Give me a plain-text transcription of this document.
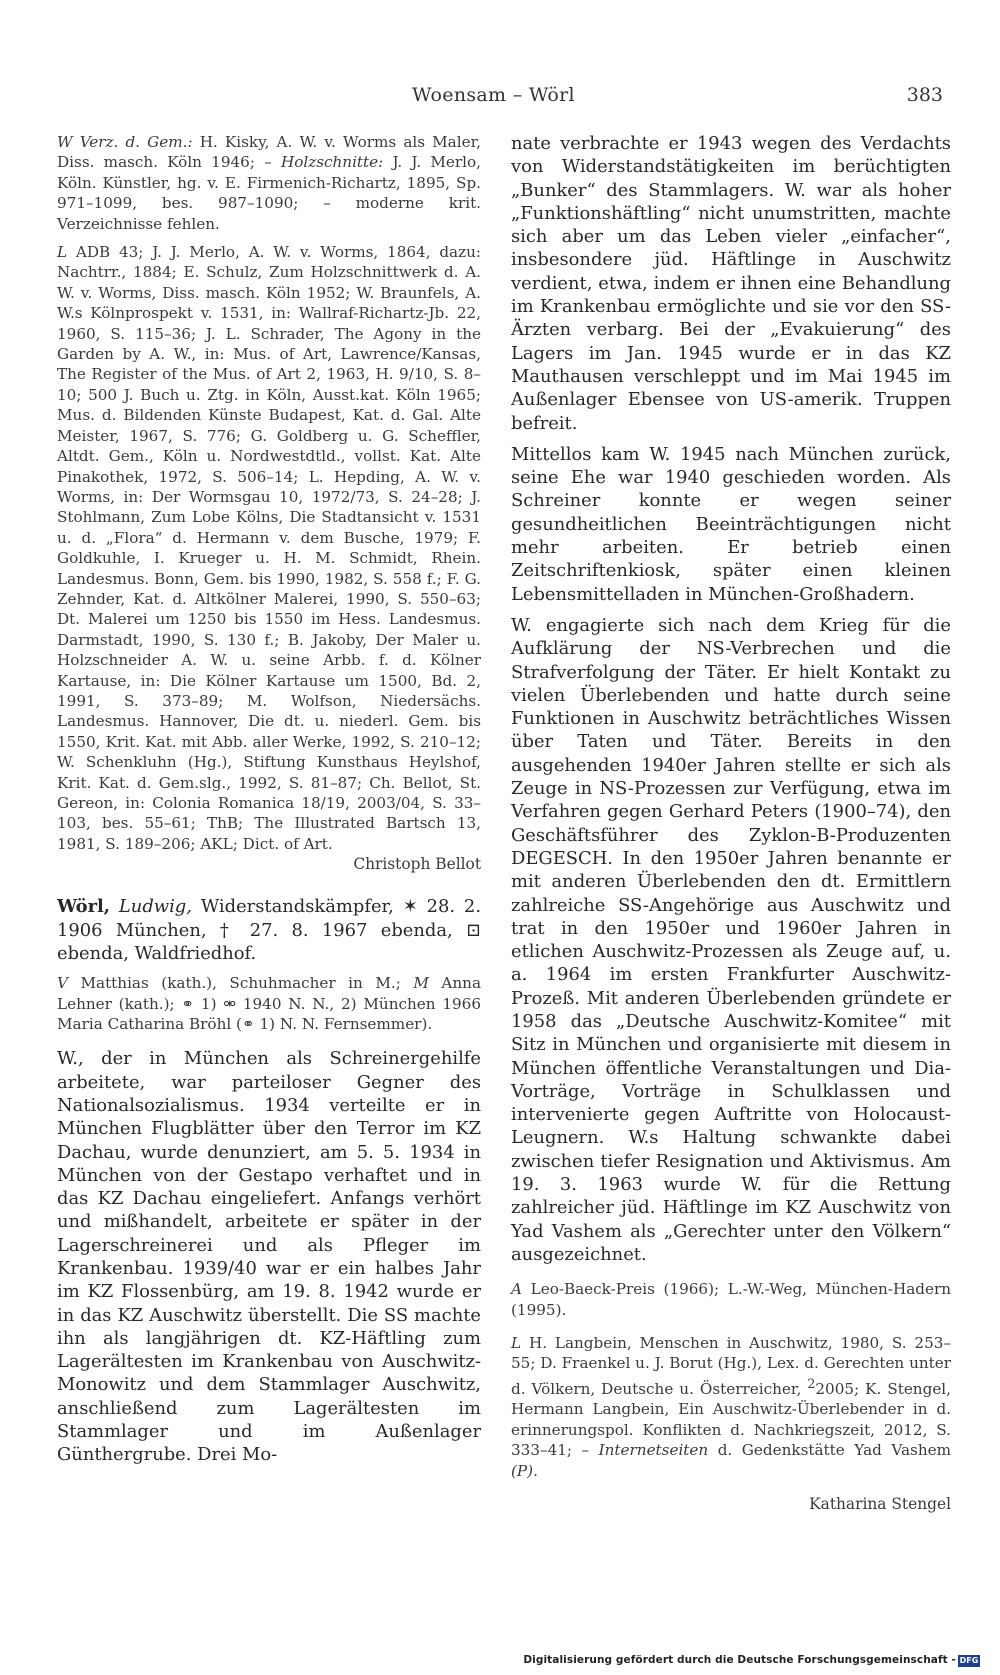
Woensam – Wörl	383

W Verz. d. Gem.: H. Kisky, A. W. v. Worms als Maler, Diss. masch. Köln 1946; – Holzschnitte: J. J. Merlo, Köln. Künstler, hg. v. E. Firmenich-Richartz, 1895, Sp. 971–1099, bes. 987–1090; – moderne krit. Verzeichnisse fehlen.

L ADB 43; J. J. Merlo, A. W. v. Worms, 1864, dazu: Nachtrr., 1884; E. Schulz, Zum Holzschnittwerk d. A. W. v. Worms, Diss. masch. Köln 1952; W. Braunfels, A. W.s Kölnprospekt v. 1531, in: Wallraf-Richartz-Jb. 22, 1960, S. 115–36; J. L. Schrader, The Agony in the Garden by A. W., in: Mus. of Art, Lawrence/Kansas, The Register of the Mus. of Art 2, 1963, H. 9/10, S. 8–10; 500 J. Buch u. Ztg. in Köln, Ausst.kat. Köln 1965; Mus. d. Bildenden Künste Budapest, Kat. d. Gal. Alte Meister, 1967, S. 776; G. Goldberg u. G. Scheffler, Altdt. Gem., Köln u. Nordwestdtld., vollst. Kat. Alte Pinakothek, 1972, S. 506–14; L. Hepding, A. W. v. Worms, in: Der Wormsgau 10, 1972/73, S. 24–28; J. Stohlmann, Zum Lobe Kölns, Die Stadtansicht v. 1531 u. d. „Flora“ d. Hermann v. dem Busche, 1979; F. Goldkuhle, I. Krueger u. H. M. Schmidt, Rhein. Landesmus. Bonn, Gem. bis 1990, 1982, S. 558 f.; F. G. Zehnder, Kat. d. Altkölner Malerei, 1990, S. 550–63; Dt. Malerei um 1250 bis 1550 im Hess. Landesmus. Darmstadt, 1990, S. 130 f.; B. Jakoby, Der Maler u. Holzschneider A. W. u. seine Arbb. f. d. Kölner Kartause, in: Die Kölner Kartause um 1500, Bd. 2, 1991, S. 373–89; M. Wolfson, Niedersächs. Landesmus. Hannover, Die dt. u. niederl. Gem. bis 1550, Krit. Kat. mit Abb. aller Werke, 1992, S. 210–12; W. Schenkluhn (Hg.), Stiftung Kunsthaus Heylshof, Krit. Kat. d. Gem.slg., 1992, S. 81–87; Ch. Bellot, St. Gereon, in: Colonia Romanica 18/19, 2003/04, S. 33–103, bes. 55–61; ThB; The Illustrated Bartsch 13, 1981, S. 189–206; AKL; Dict. of Art.

Christoph Bellot

Wörl, Ludwig, Widerstandskämpfer, ✶ 28. 2. 1906 München, † 27. 8. 1967 ebenda, ⊡ ebenda, Waldfriedhof.

V Matthias (kath.), Schuhmacher in M.; M Anna Lehner (kath.); ⚭ 1) ⚮ 1940 N. N., 2) München 1966 Maria Catharina Bröhl (⚭ 1) N. N. Fernsemmer).

W., der in München als Schreinergehilfe arbeitete, war parteiloser Gegner des Nationalsozialismus. 1934 verteilte er in München Flugblätter über den Terror im KZ Dachau, wurde denunziert, am 5. 5. 1934 in München von der Gestapo verhaftet und in das KZ Dachau eingeliefert. Anfangs verhört und mißhandelt, arbeitete er später in der Lagerschreinerei und als Pfleger im Krankenbau. 1939/40 war er ein halbes Jahr im KZ Flossenbürg, am 19. 8. 1942 wurde er in das KZ Auschwitz überstellt. Die SS machte ihn als langjährigen dt. KZ-Häftling zum Lagerältesten im Krankenbau von Auschwitz-Monowitz und dem Stammlager Auschwitz, anschließend zum Lagerältesten im Stammlager und im Außenlager Günthergrube. Drei Mo-

nate verbrachte er 1943 wegen des Verdachts von Widerstandstätigkeiten im berüchtigten „Bunker“ des Stammlagers. W. war als hoher „Funktionshäftling“ nicht unumstritten, machte sich aber um das Leben vieler „einfacher“, insbesondere jüd. Häftlinge in Auschwitz verdient, etwa, indem er ihnen eine Behandlung im Krankenbau ermöglichte und sie vor den SS-Ärzten verbarg. Bei der „Evakuierung“ des Lagers im Jan. 1945 wurde er in das KZ Mauthausen verschleppt und im Mai 1945 im Außenlager Ebensee von US-amerik. Truppen befreit.

Mittellos kam W. 1945 nach München zurück, seine Ehe war 1940 geschieden worden. Als Schreiner konnte er wegen seiner gesundheitlichen Beeinträchtigungen nicht mehr arbeiten. Er betrieb einen Zeitschriftenkiosk, später einen kleinen Lebensmittelladen in München-Großhadern.

W. engagierte sich nach dem Krieg für die Aufklärung der NS-Verbrechen und die Strafverfolgung der Täter. Er hielt Kontakt zu vielen Überlebenden und hatte durch seine Funktionen in Auschwitz beträchtliches Wissen über Taten und Täter. Bereits in den ausgehenden 1940er Jahren stellte er sich als Zeuge in NS-Prozessen zur Verfügung, etwa im Verfahren gegen Gerhard Peters (1900–74), den Geschäftsführer des Zyklon-B-Produzenten DEGESCH. In den 1950er Jahren benannte er mit anderen Überlebenden den dt. Ermittlern zahlreiche SS-Angehörige aus Auschwitz und trat in den 1950er und 1960er Jahren in etlichen Auschwitz-Prozessen als Zeuge auf, u. a. 1964 im ersten Frankfurter Auschwitz-Prozeß. Mit anderen Überlebenden gründete er 1958 das „Deutsche Auschwitz-Komitee“ mit Sitz in München und organisierte mit diesem in München öffentliche Veranstaltungen und Dia-Vorträge, Vorträge in Schulklassen und intervenierte gegen Auftritte von Holocaust-Leugnern. W.s Haltung schwankte dabei zwischen tiefer Resignation und Aktivismus. Am 19. 3. 1963 wurde W. für die Rettung zahlreicher jüd. Häftlinge im KZ Auschwitz von Yad Vashem als „Gerechter unter den Völkern“ ausgezeichnet.

A Leo-Baeck-Preis (1966); L.-W.-Weg, München-Hadern (1995).

L H. Langbein, Menschen in Auschwitz, 1980, S. 253–55; D. Fraenkel u. J. Borut (Hg.), Lex. d. Gerechten unter d. Völkern, Deutsche u. Österreicher, $^2$2005; K. Stengel, Hermann Langbein, Ein Auschwitz-Überlebender in d. erinnerungspol. Konflikten d. Nachkriegszeit, 2012, S. 333–41; – Internetseiten d. Gedenkstätte Yad Vashem (P).

Katharina Stengel

Digitalisierung gefördert durch die Deutsche Forschungsgemeinschaft - DFG
